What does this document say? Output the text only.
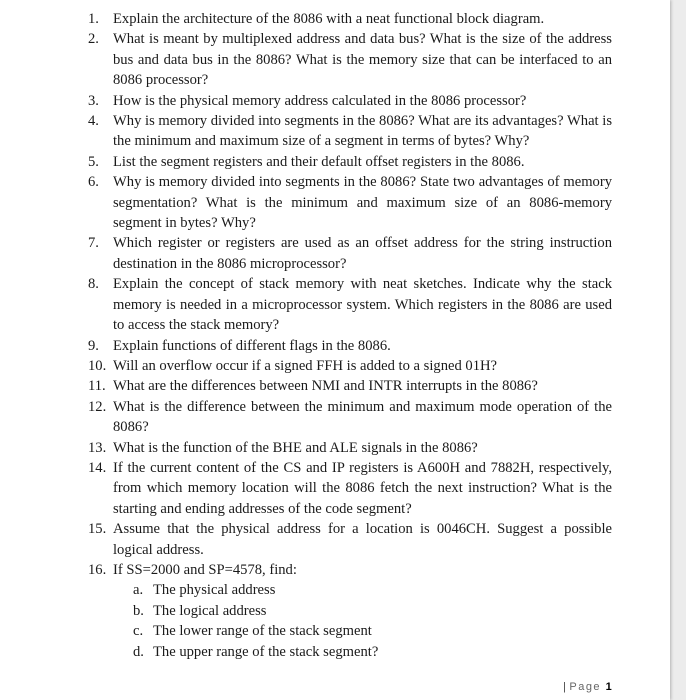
1. Explain the architecture of the 8086 with a neat functional block diagram.
2. What is meant by multiplexed address and data bus? What is the size of the address bus and data bus in the 8086? What is the memory size that can be interfaced to an 8086 processor?
3. How is the physical memory address calculated in the 8086 processor?
4. Why is memory divided into segments in the 8086? What are its advantages? What is the minimum and maximum size of a segment in terms of bytes? Why?
5. List the segment registers and their default offset registers in the 8086.
6. Why is memory divided into segments in the 8086? State two advantages of memory segmentation? What is the minimum and maximum size of an 8086-memory segment in bytes? Why?
7. Which register or registers are used as an offset address for the string instruction destination in the 8086 microprocessor?
8. Explain the concept of stack memory with neat sketches. Indicate why the stack memory is needed in a microprocessor system. Which registers in the 8086 are used to access the stack memory?
9. Explain functions of different flags in the 8086.
10. Will an overflow occur if a signed FFH is added to a signed 01H?
11. What are the differences between NMI and INTR interrupts in the 8086?
12. What is the difference between the minimum and maximum mode operation of the 8086?
13. What is the function of the BHE and ALE signals in the 8086?
14. If the current content of the CS and IP registers is A600H and 7882H, respectively, from which memory location will the 8086 fetch the next instruction? What is the starting and ending addresses of the code segment?
15. Assume that the physical address for a location is 0046CH. Suggest a possible logical address.
16. If SS=2000 and SP=4578, find:
a. The physical address
b. The logical address
c. The lower range of the stack segment
d. The upper range of the stack segment?
| Page 1
